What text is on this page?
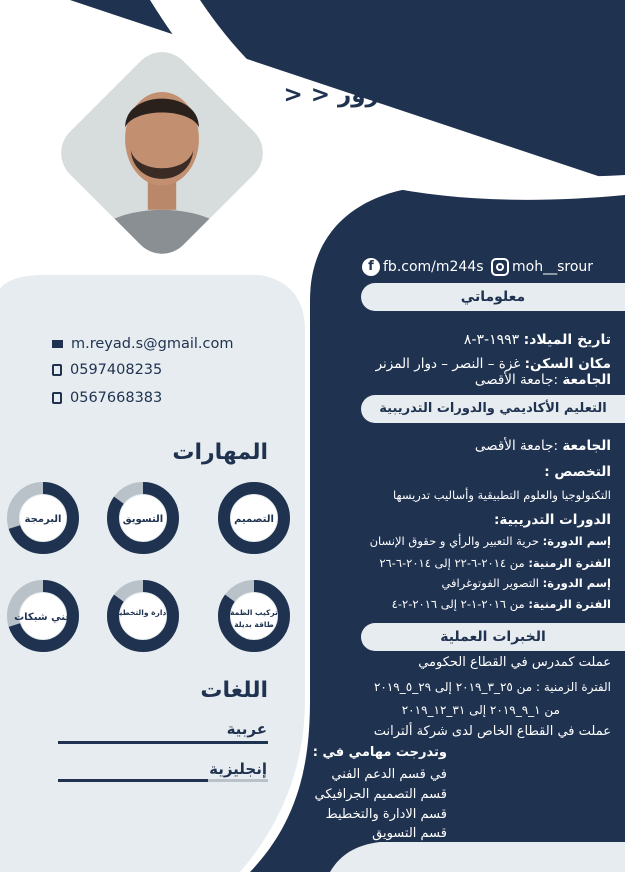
محمد رياض محمد سرور < <
f fb.com/m244s moh__srour
معلوماتي
تاريخ الميلاد: ١٩٩٣-٣-٨
مكان السكن: غزة – النصر – دوار المزنر
الجامعة :جامعة الأقصى
التعليم الأكاديمي والدورات التدريبية
الجامعة :جامعة الأقصى
التخصص :
التكنولوجيا والعلوم التطبيقية وأساليب تدريسها
الدورات التدريبية:
إسم الدورة: حرية التعبير والرأي و حقوق الإنسان
الفترة الزمنية: من ٢٠١٤-٦-٢٢ إلى ٢٠١٤-٦-٢٦
إسم الدورة: التصوير الفوتوغرافي
الفترة الزمنية: من ٢٠١٦-١-٢ إلى ٢٠١٦-٢-٤
الخبرات العملية
عملت كمدرس في القطاع الحكومي
الفترة الزمنية : من ٢٥_٣_٢٠١٩ إلى ٢٩_٥_٢٠١٩
من ١_٩_٢٠١٩ إلى ٣١_١٢_٢٠١٩
عملت في القطاع الخاص لدى شركة ألترانت
وتدرجت مهامي في :
في قسم الدعم الفني
قسم التصميم الجرافيكي
قسم الادارة والتخطيط
قسم التسويق
m.reyad.s@gmail.com
0597408235
0567668383
المهارات
التصميم
التسويق
البرمجة
تركيب الظمة
طاقة بديلة
الادارة والتخطيط
فني شبكات
اللغات
عربية
إنجليزية
